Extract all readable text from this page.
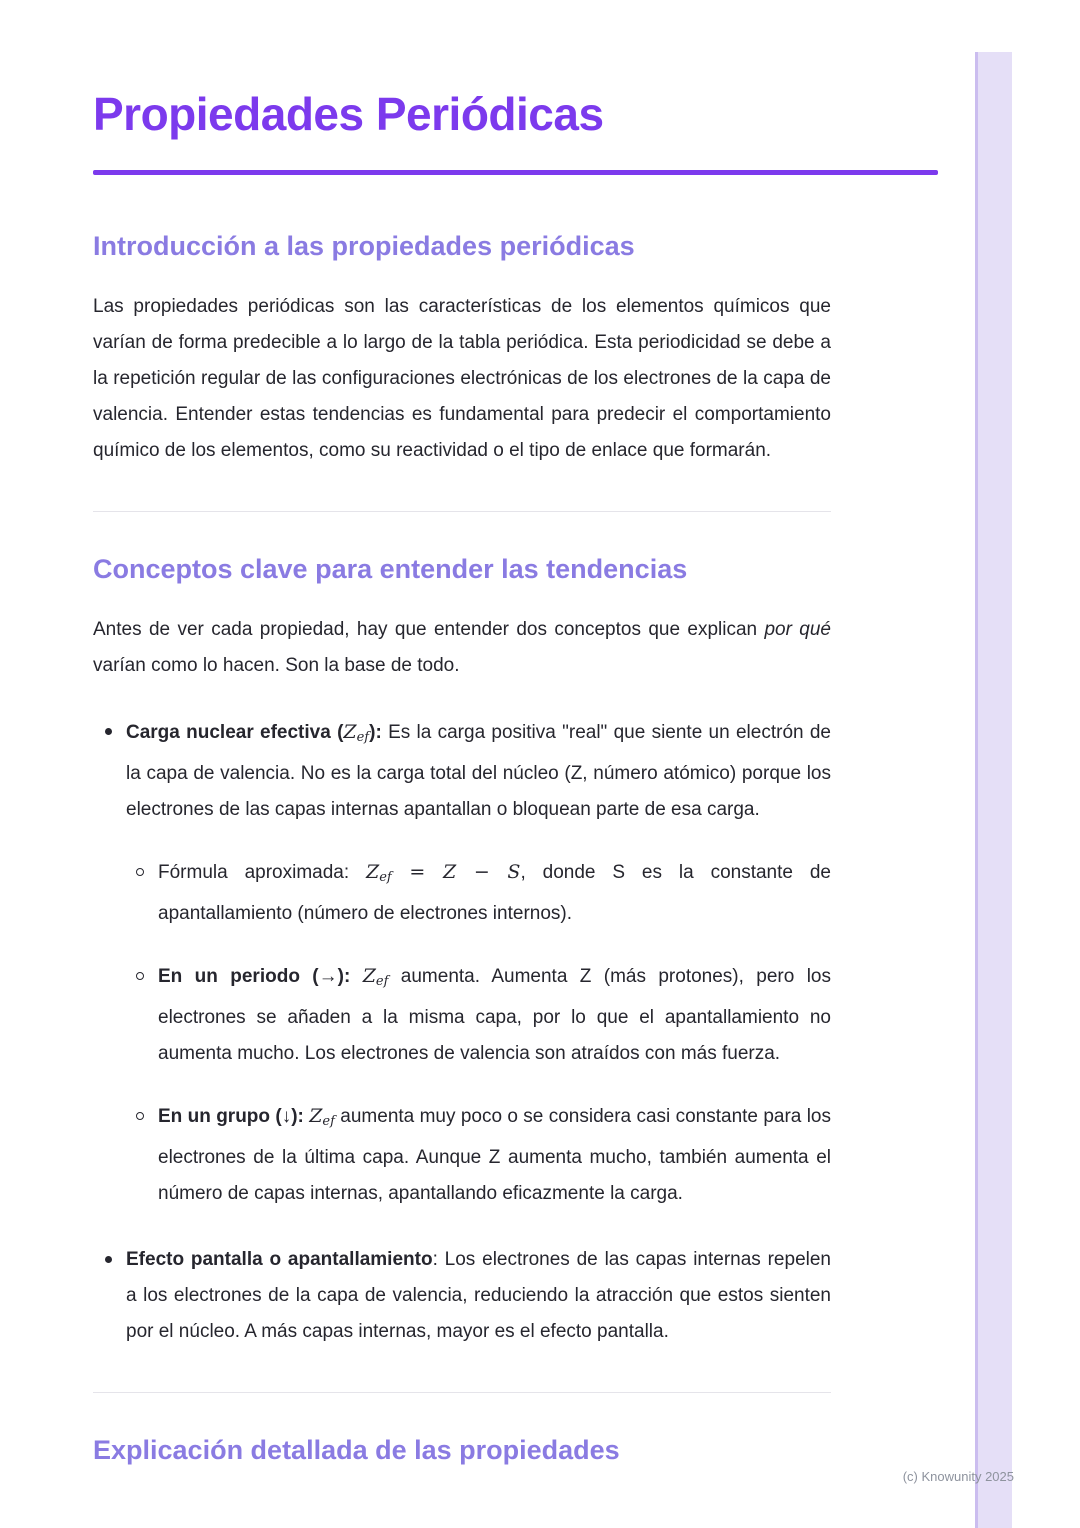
Propiedades Periódicas
Introducción a las propiedades periódicas

Las propiedades periódicas son las características de los elementos químicos que varían de forma predecible a lo largo de la tabla periódica. Esta periodicidad se debe a la repetición regular de las configuraciones electrónicas de los electrones de la capa de valencia. Entender estas tendencias es fundamental para predecir el comportamiento químico de los elementos, como su reactividad o el tipo de enlace que formarán.

Conceptos clave para entender las tendencias

Antes de ver cada propiedad, hay que entender dos conceptos que explican por qué varían como lo hacen. Son la base de todo.

Carga nuclear efectiva (Zef): Es la carga positiva "real" que siente un electrón de la capa de valencia. No es la carga total del núcleo (Z, número atómico) porque los electrones de las capas internas apantallan o bloquean parte de esa carga.
Fórmula aproximada: Zef = Z − S, donde S es la constante de apantallamiento (número de electrones internos).
En un periodo (→): Zef aumenta. Aumenta Z (más protones), pero los electrones se añaden a la misma capa, por lo que el apantallamiento no aumenta mucho. Los electrones de valencia son atraídos con más fuerza.
En un grupo (↓): Zef aumenta muy poco o se considera casi constante para los electrones de la última capa. Aunque Z aumenta mucho, también aumenta el número de capas internas, apantallando eficazmente la carga.
Efecto pantalla o apantallamiento: Los electrones de las capas internas repelen a los electrones de la capa de valencia, reduciendo la atracción que estos sienten por el núcleo. A más capas internas, mayor es el efecto pantalla.
Explicación detallada de las propiedades
(c) Knowunity 2025
